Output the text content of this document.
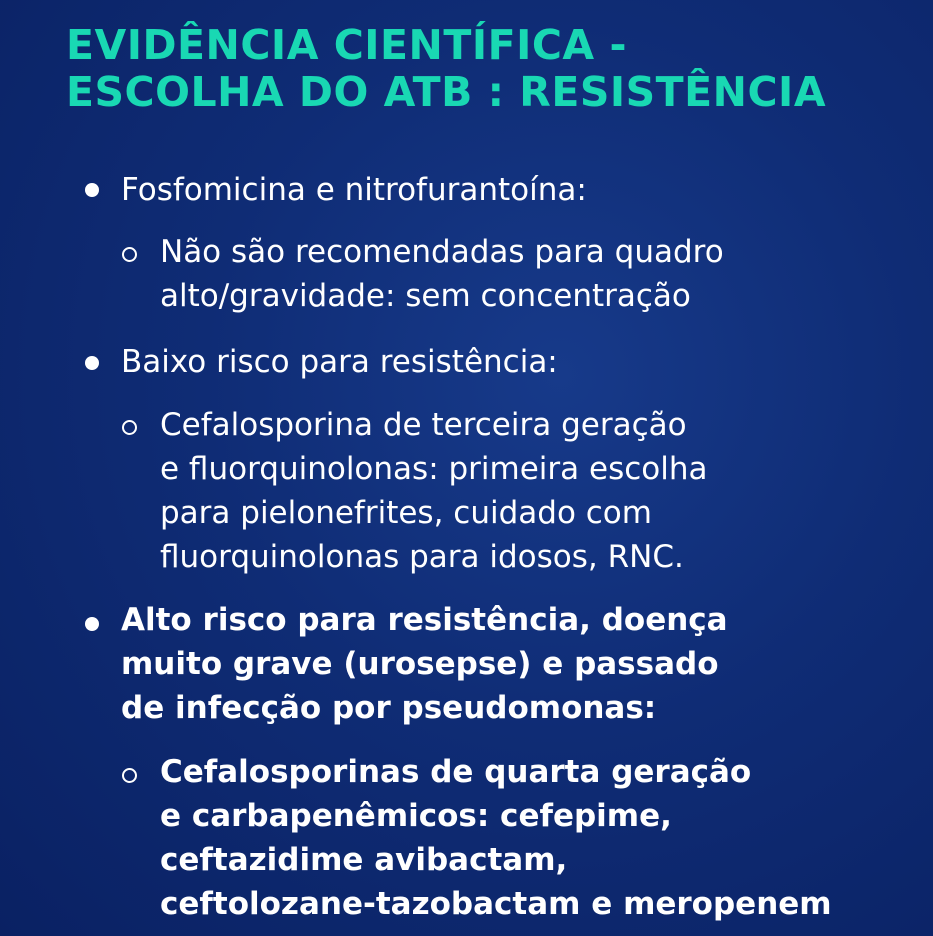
EVIDÊNCIA CIENTÍFICA -
ESCOLHA DO ATB : RESISTÊNCIA
Fosfomicina e nitrofurantoína:
Não são recomendadas para quadro
alto/gravidade: sem concentração
Baixo risco para resistência:
Cefalosporina de terceira geração
e fluorquinolonas: primeira escolha
para pielonefrites, cuidado com
fluorquinolonas para idosos, RNC.
Alto risco para resistência, doença
muito grave (urosepse) e passado
de infecção por pseudomonas:
Cefalosporinas de quarta geração
e carbapenêmicos: cefepime,
ceftazidime avibactam,
ceftolozane-tazobactam e meropenem
